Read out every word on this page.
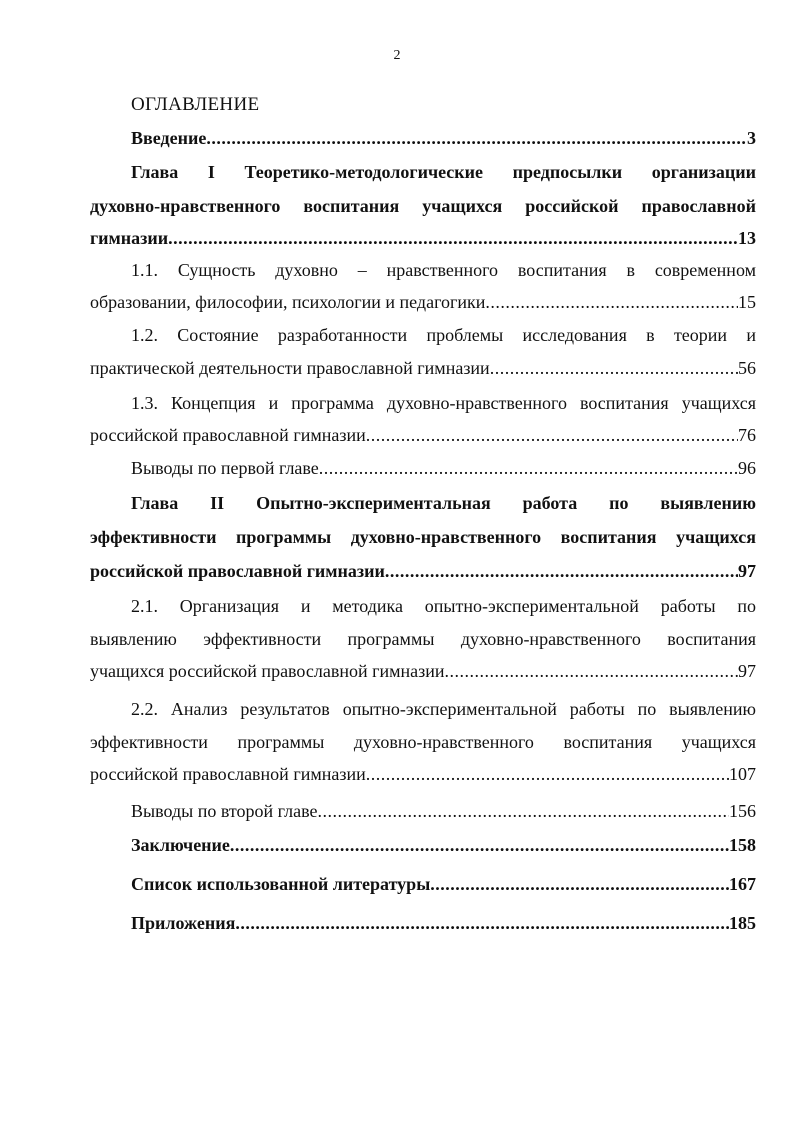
2
ОГЛАВЛЕНИЕ
Введение .....	3
Глава I Теоретико-методологические предпосылки организации
духовно-нравственного воспитания учащихся российской православной
гимназии .....	13
1.1. Сущность духовно – нравственного воспитания в современном
образовании, философии, психологии и педагогики .....	15
1.2. Состояние разработанности проблемы исследования в теории и
практической деятельности православной гимназии .....	56
1.3. Концепция и программа духовно-нравственного воспитания учащихся
российской православной гимназии .....	76
Выводы по первой главе .....	96
Глава II Опытно-экспериментальная работа по выявлению
эффективности программы духовно-нравственного воспитания учащихся
российской православной гимназии .....	97
2.1. Организация и методика опытно-экспериментальной работы по
выявлению эффективности программы духовно-нравственного воспитания
учащихся российской православной гимназии .....	97
2.2. Анализ результатов опытно-экспериментальной работы по выявлению
эффективности программы духовно-нравственного воспитания учащихся
российской православной гимназии .....	107
Выводы по второй главе .....	156
Заключение .....	158
Список использованной литературы .....	167
Приложения .....	185
